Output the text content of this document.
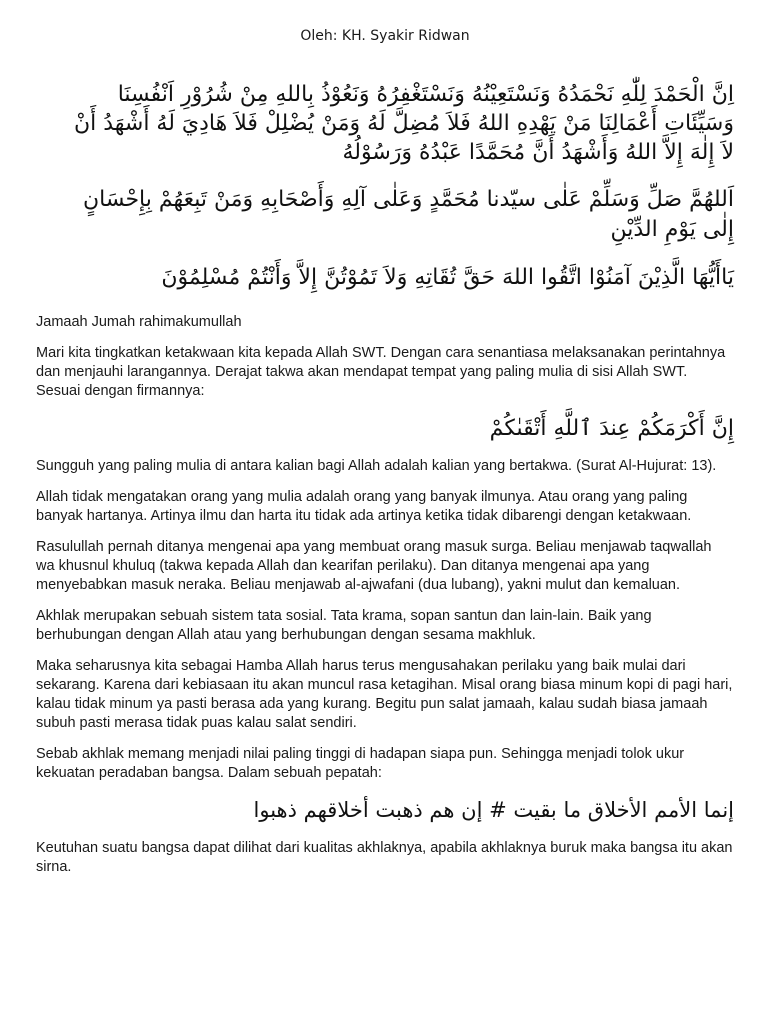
Oleh: KH. Syakir Ridwan
اِنَّ الْحَمْدَ لِلّٰهِ نَحْمَدُهُ وَنَسْتَعِيْنُهُ وَنَسْتَغْفِرُهُ وَنَعُوْذُ بِاللهِ مِنْ شُرُوْرِ اَنْفُسِنَا
وَسَيِّئَاتِ أَعْمَالِنَا مَنْ يَهْدِهِ اللهُ فَلاَ مُضِلَّ لَهُ وَمَنْ يُضْلِلْ فَلاَ هَادِيَ لَهُ أَشْهَدُ أَنْ
لاَ إِلٰهَ إِلاَّ اللهُ وَأَشْهَدُ أَنَّ مُحَمَّدًا عَبْدُهُ وَرَسُوْلُهُ
اَللهُمَّ صَلِّ وَسَلِّمْ عَلٰى سيّدنا مُحَمَّدٍ وَعَلٰى آلِهِ وَأَصْحَابِهِ وَمَنْ تَبِعَهُمْ بِإِحْسَانٍ
إِلٰى يَوْمِ الدِّيْنِ
يَاأَيُّهَا الَّذِيْنَ آمَنُوْا اتَّقُوا اللهَ حَقَّ تُقَاتِهِ وَلاَ تَمُوْتُنَّ إِلاَّ وَأَنْتُمْ مُسْلِمُوْنَ

Jamaah Jumah rahimakumullah

Mari kita tingkatkan ketakwaan kita kepada Allah SWT. Dengan cara senantiasa melaksanakan perintahnya dan menjauhi larangannya. Derajat takwa akan mendapat tempat yang paling mulia di sisi Allah SWT. Sesuai dengan firmannya:

إِنَّ أَكْرَمَكُمْ عِندَ ٱللَّهِ أَتْقَىٰكُمْ

Sungguh yang paling mulia di antara kalian bagi Allah adalah kalian yang bertakwa. (Surat Al-Hujurat: 13).

Allah tidak mengatakan orang yang mulia adalah orang yang banyak ilmunya. Atau orang yang paling banyak hartanya. Artinya ilmu dan harta itu tidak ada artinya ketika tidak dibarengi dengan ketakwaan.

Rasulullah pernah ditanya mengenai apa yang membuat orang masuk surga. Beliau menjawab taqwallah wa khusnul khuluq (takwa kepada Allah dan kearifan perilaku). Dan ditanya mengenai apa yang menyebabkan masuk neraka. Beliau menjawab al-ajwafani (dua lubang), yakni mulut dan kemaluan.

Akhlak merupakan sebuah sistem tata sosial. Tata krama, sopan santun dan lain-lain. Baik yang berhubungan dengan Allah atau yang berhubungan dengan sesama makhluk.

Maka seharusnya kita sebagai Hamba Allah harus terus mengusahakan perilaku yang baik mulai dari sekarang. Karena dari kebiasaan itu akan muncul rasa ketagihan. Misal orang biasa minum kopi di pagi hari, kalau tidak minum ya pasti berasa ada yang kurang. Begitu pun salat jamaah, kalau sudah biasa jamaah subuh pasti merasa tidak puas kalau salat sendiri.

Sebab akhlak memang menjadi nilai paling tinggi di hadapan siapa pun. Sehingga menjadi tolok ukur kekuatan peradaban bangsa. Dalam sebuah pepatah:

إنما الأمم الأخلاق ما بقيت # إن هم ذهبت أخلاقهم ذهبوا

Keutuhan suatu bangsa dapat dilihat dari kualitas akhlaknya, apabila akhlaknya buruk maka bangsa itu akan sirna.
